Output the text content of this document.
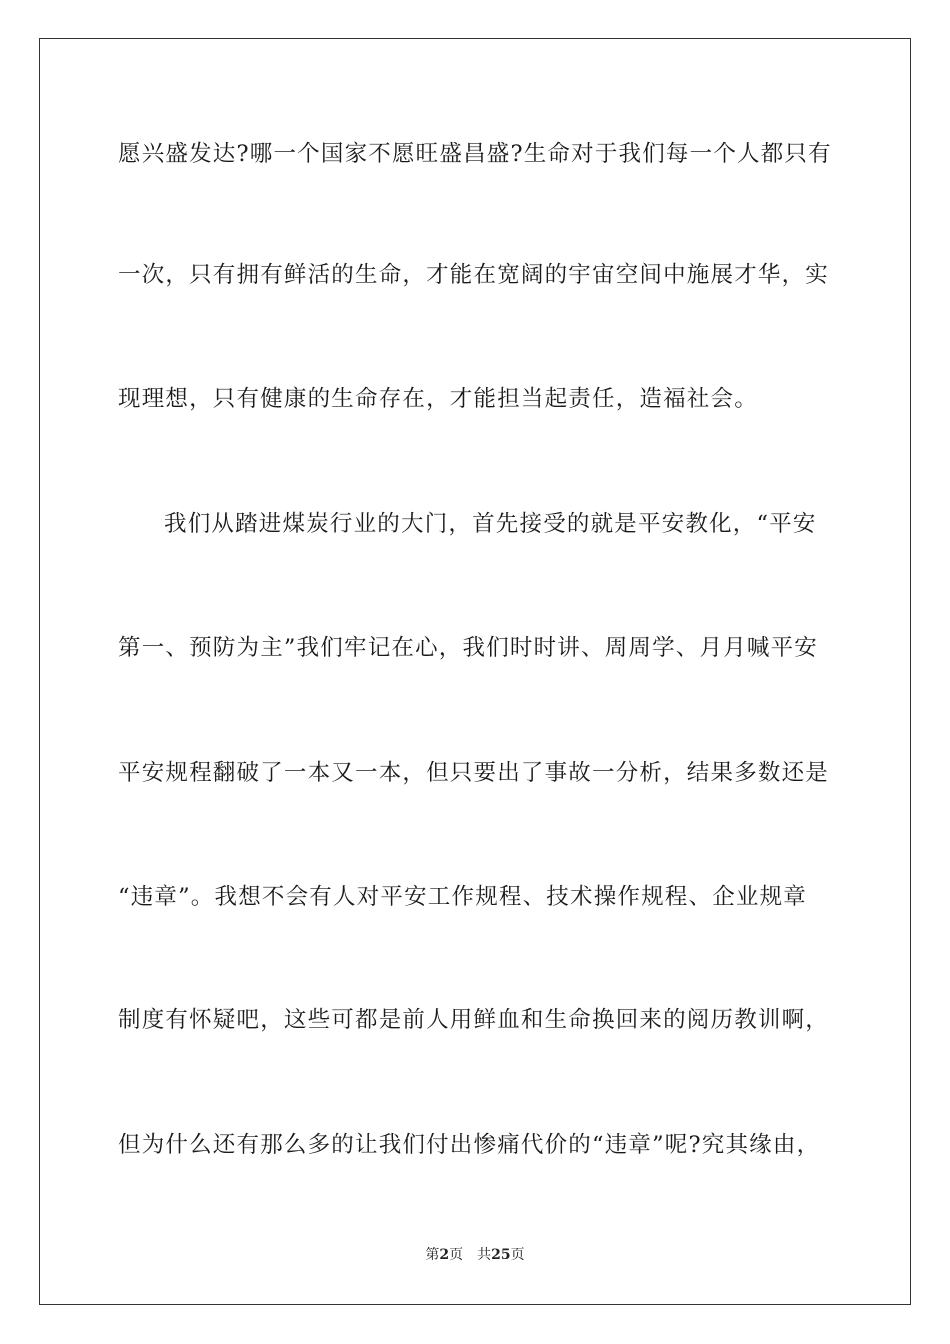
愿兴盛发达?哪一个国家不愿旺盛昌盛?生命对于我们每一个人都只有
一次，只有拥有鲜活的生命，才能在宽阔的宇宙空间中施展才华，实
现理想，只有健康的生命存在，才能担当起责任，造福社会。
我们从踏进煤炭行业的大门，首先接受的就是平安教化，“平安
第一、预防为主”我们牢记在心，我们时时讲、周周学、月月喊平安
平安规程翻破了一本又一本，但只要出了事故一分析，结果多数还是
“违章”。我想不会有人对平安工作规程、技术操作规程、企业规章
制度有怀疑吧，这些可都是前人用鲜血和生命换回来的阅历教训啊，
但为什么还有那么多的让我们付出惨痛代价的“违章”呢?究其缘由，
第2页 共25页
